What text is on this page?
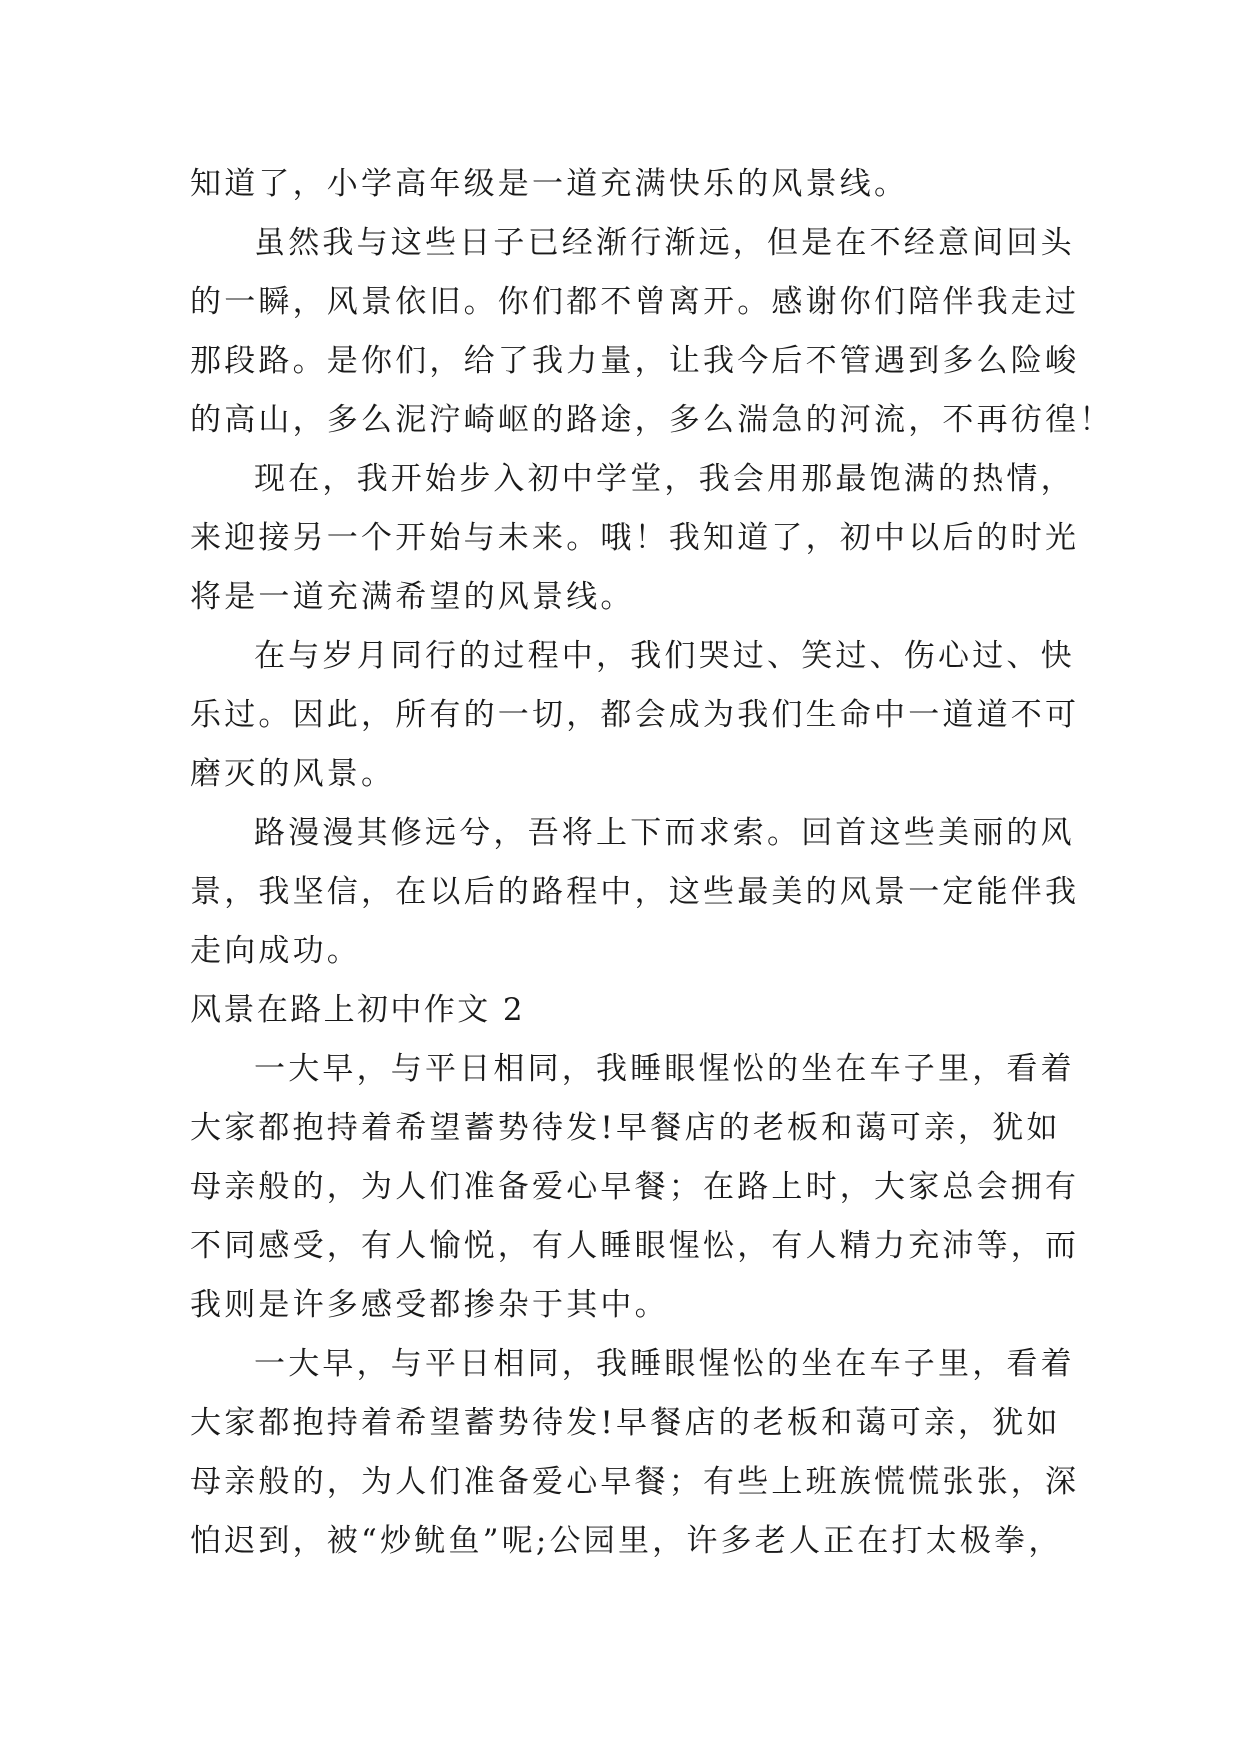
知道了，小学高年级是一道充满快乐的风景线。
虽然我与这些日子已经渐行渐远，但是在不经意间回头
的一瞬，风景依旧。你们都不曾离开。感谢你们陪伴我走过
那段路。是你们，给了我力量，让我今后不管遇到多么险峻
的高山，多么泥泞崎岖的路途，多么湍急的河流，不再彷徨！
现在，我开始步入初中学堂，我会用那最饱满的热情，
来迎接另一个开始与未来。哦！我知道了，初中以后的时光
将是一道充满希望的风景线。
在与岁月同行的过程中，我们哭过、笑过、伤心过、快
乐过。因此，所有的一切，都会成为我们生命中一道道不可
磨灭的风景。
路漫漫其修远兮，吾将上下而求索。回首这些美丽的风
景，我坚信，在以后的路程中，这些最美的风景一定能伴我
走向成功。
风景在路上初中作文 2
一大早，与平日相同，我睡眼惺忪的坐在车子里，看着
大家都抱持着希望蓄势待发!早餐店的老板和蔼可亲，犹如
母亲般的，为人们准备爱心早餐；在路上时，大家总会拥有
不同感受，有人愉悦，有人睡眼惺忪，有人精力充沛等，而
我则是许多感受都掺杂于其中。
一大早，与平日相同，我睡眼惺忪的坐在车子里，看着
大家都抱持着希望蓄势待发!早餐店的老板和蔼可亲，犹如
母亲般的，为人们准备爱心早餐；有些上班族慌慌张张，深
怕迟到，被“炒鱿鱼”呢;公园里，许多老人正在打太极拳，
